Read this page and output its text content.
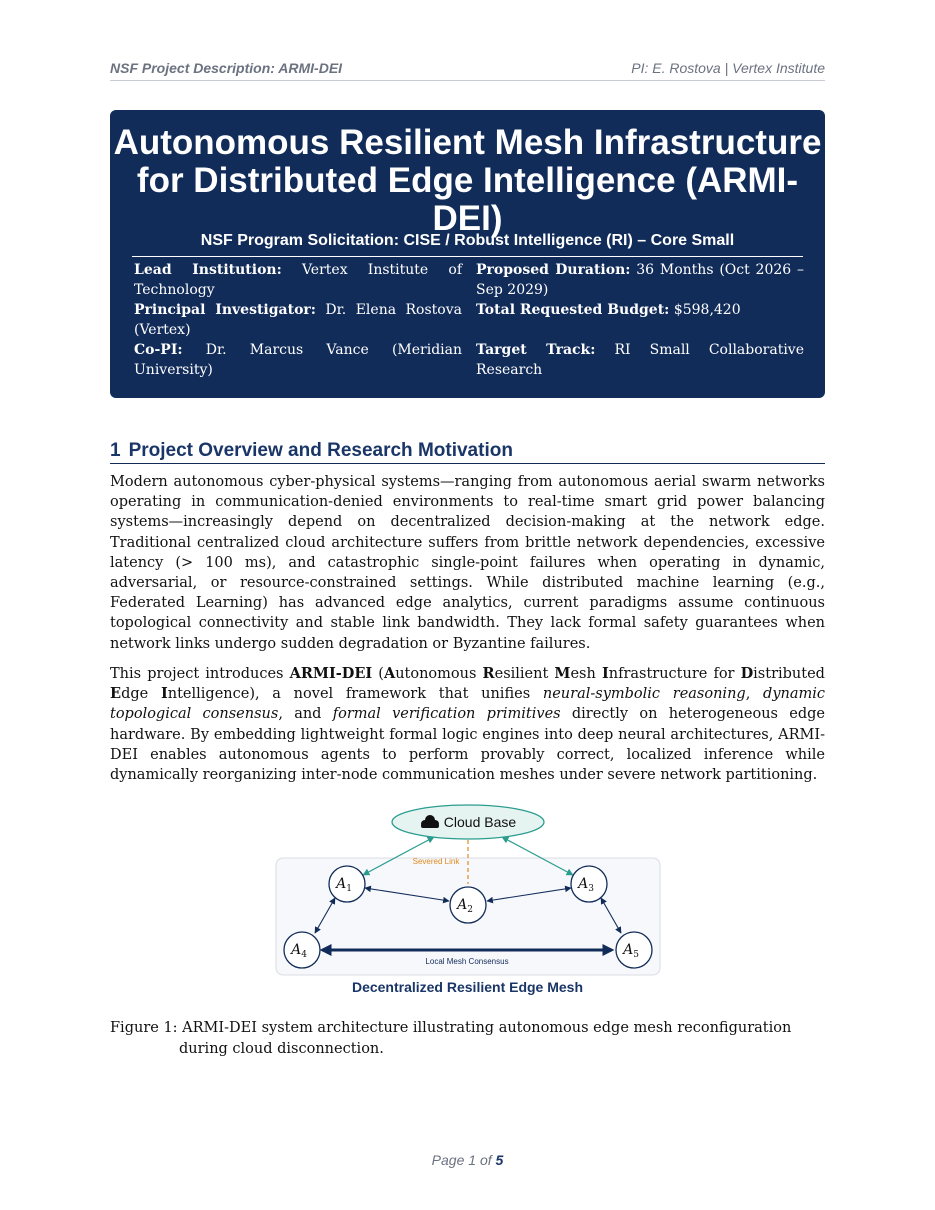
NSF Project Description: ARMI-DEI	PI: E. Rostova | Vertex Institute
Autonomous Resilient Mesh Infrastructure for Distributed Edge Intelligence (ARMI-DEI)
NSF Program Solicitation: CISE / Robust Intelligence (RI) – Core Small
Lead Institution: Vertex Institute of Technology
Principal Investigator: Dr. Elena Rostova (Vertex)
Co-PI: Dr. Marcus Vance (Meridian University)
Proposed Duration: 36 Months (Oct 2026 – Sep 2029)
Total Requested Budget: $598,420
Target Track: RI Small Collaborative Research
1 Project Overview and Research Motivation

Modern autonomous cyber-physical systems—ranging from autonomous aerial swarm networks operating in communication-denied environments to real-time smart grid power balancing systems—increasingly depend on decentralized decision-making at the network edge. Traditional centralized cloud architecture suffers from brittle network dependencies, excessive latency (> 100 ms), and catastrophic single-point failures when operating in dynamic, adversarial, or resource-constrained settings. While distributed machine learning (e.g., Federated Learning) has advanced edge analytics, current paradigms assume continuous topological connectivity and stable link bandwidth. They lack formal safety guarantees when network links undergo sudden degradation or Byzantine failures.

This project introduces ARMI-DEI (Autonomous Resilient Mesh Infrastructure for Distributed Edge Intelligence), a novel framework that unifies neural-symbolic reasoning, dynamic topological consensus, and formal verification primitives directly on heterogeneous edge hardware. By embedding lightweight formal logic engines into deep neural architectures, ARMI-DEI enables autonomous agents to perform provably correct, localized inference while dynamically reorganizing inter-node communication meshes under severe network partitioning.

Severed Link
Cloud Base
Local Mesh Consensus
$A_1$
$A_2$
$A_3$
$A_4$	$A_5$
Decentralized Resilient Edge Mesh
Figure 1: ARMI-DEI system architecture illustrating autonomous edge mesh reconfiguration during cloud disconnection.
Page 1 of 5
